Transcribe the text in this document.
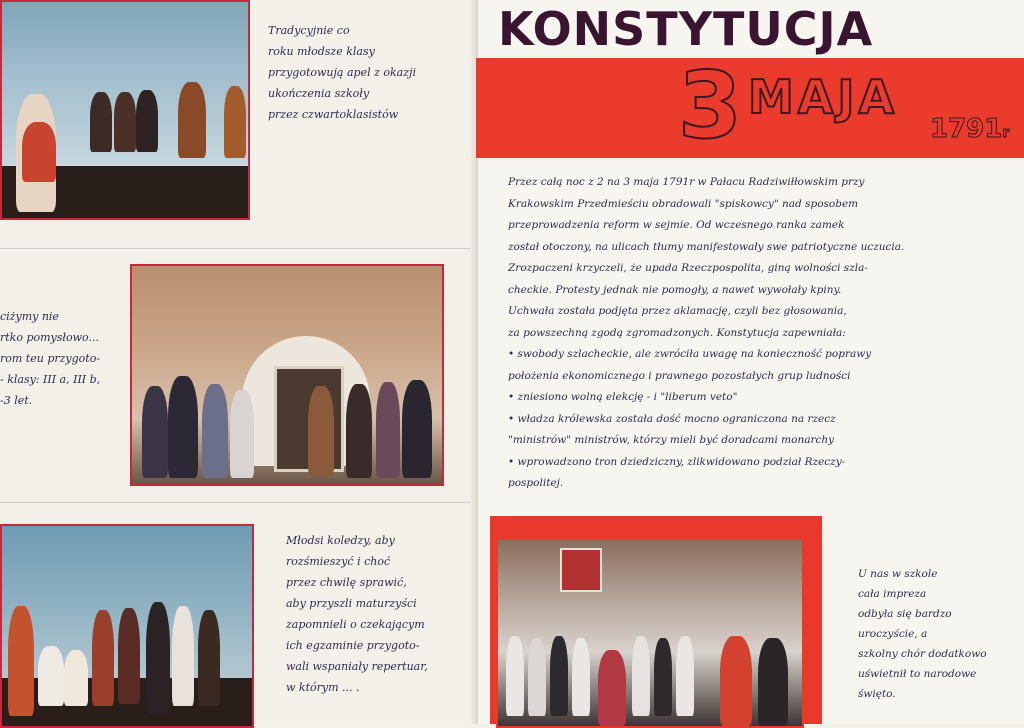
Tradycyjnie co
roku młodsze klasy
przygotowują apel z okazji
ukończenia szkoły
przez czwartoklasistów
ciżymy nie
rtko pomysłowo...
rom teu przygoto-
- klasy: III a, III b,
-3 let.
Młodsi koledzy, aby
rozśmieszyć i choć
przez chwilę sprawić,
aby przyszli maturzyści
zapomnieli o czekającym
ich egzaminie przygoto-
wali wspaniały repertuar,
w którym ... .
KONSTYTUCJA
3 MAJA
1791r
Przez całą noc z 2 na 3 maja 1791r w Pałacu Radziwiłłowskim przy
Krakowskim Przedmieściu obradowali "spiskowcy" nad sposobem
przeprowadzenia reform w sejmie. Od wczesnego ranka zamek
został otoczony, na ulicach tłumy manifestowały swe patriotyczne uczucia.
Zrozpaczeni krzyczeli, że upada Rzeczpospolita, giną wolności szla-
checkie. Protesty jednak nie pomogły, a nawet wywołały kpiny.
Uchwała została podjęta przez aklamację, czyli bez głosowania,
za powszechną zgodą zgromadzonych. Konstytucja zapewniała:
• swobody szlacheckie, ale zwróciła uwagę na konieczność poprawy
położenia ekonomicznego i prawnego pozostałych grup ludności
• zniesiono wolną elekcję - i "liberum veto"
• władza królewska została dość mocno ograniczona na rzecz
"ministrów" ministrów, którzy mieli być doradcami monarchy
• wprowadzono tron dziedziczny, zlikwidowano podział Rzeczy-
pospolitej.
U nas w szkole
cała impreza
odbyła się bardzo
uroczyście, a
szkolny chór dodatkowo
uświetnił to narodowe
święto.
